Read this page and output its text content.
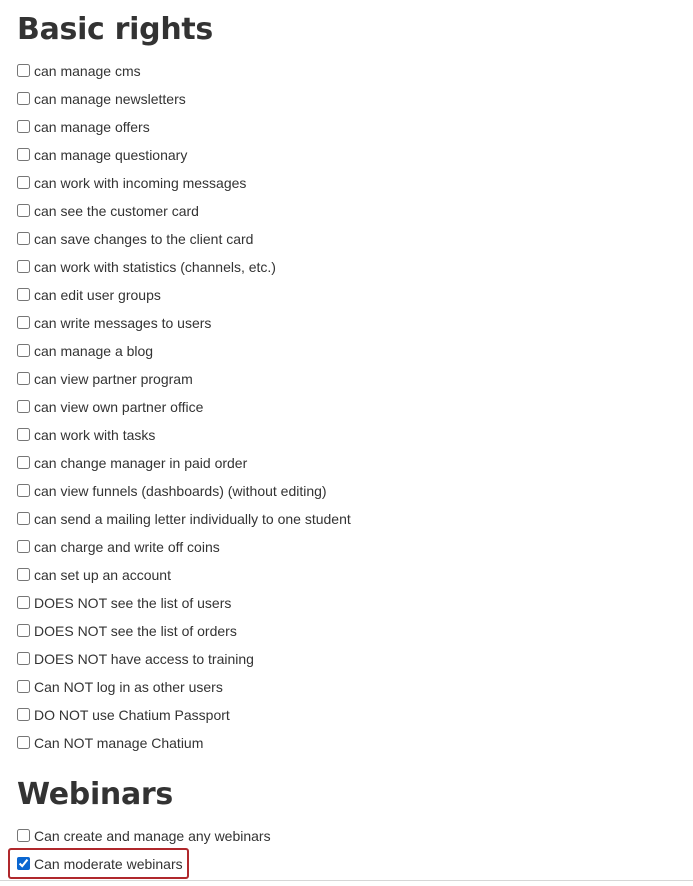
Basic rights
can manage cms
can manage newsletters
can manage offers
can manage questionary
can work with incoming messages
can see the customer card
can save changes to the client card
can work with statistics (channels, etc.)
can edit user groups
can write messages to users
can manage a blog
can view partner program
can view own partner office
can work with tasks
can change manager in paid order
can view funnels (dashboards) (without editing)
can send a mailing letter individually to one student
can charge and write off coins
can set up an account
DOES NOT see the list of users
DOES NOT see the list of orders
DOES NOT have access to training
Can NOT log in as other users
DO NOT use Chatium Passport
Can NOT manage Chatium
Webinars
Can create and manage any webinars
Can moderate webinars
